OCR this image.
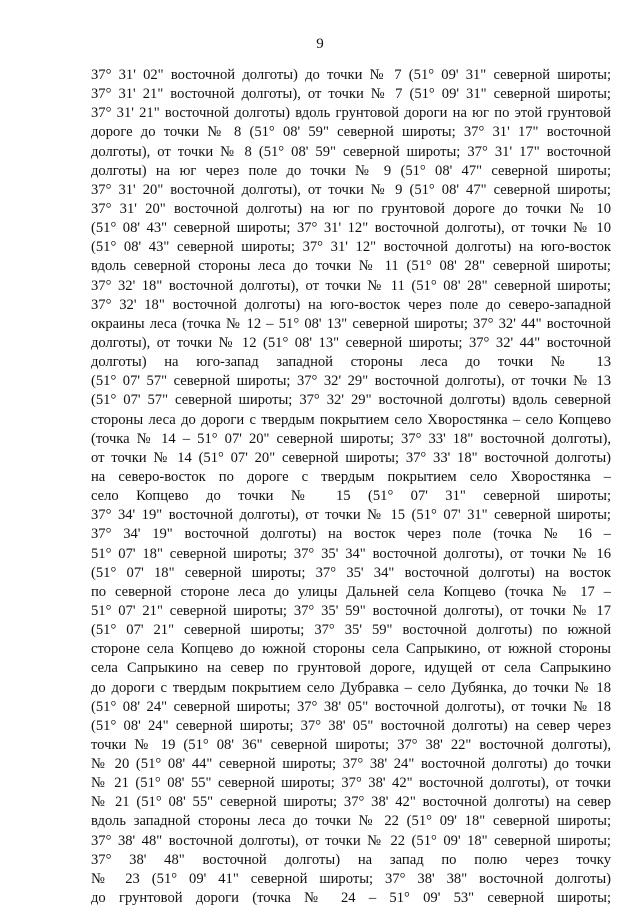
9
37° 31' 02" восточной долготы) до точки № 7 (51° 09' 31" северной широты;
37° 31' 21" восточной долготы), от точки № 7 (51° 09' 31" северной широты;
37° 31' 21" восточной долготы) вдоль грунтовой дороги на юг по этой грунтовой
дороге до точки № 8 (51° 08' 59" северной широты; 37° 31' 17" восточной
долготы), от точки № 8 (51° 08' 59" северной широты; 37° 31' 17" восточной
долготы) на юг через поле до точки № 9 (51° 08' 47" северной широты;
37° 31' 20" восточной долготы), от точки № 9 (51° 08' 47" северной широты;
37° 31' 20" восточной долготы) на юг по грунтовой дороге до точки № 10
(51° 08' 43" северной широты; 37° 31' 12" восточной долготы), от точки № 10
(51° 08' 43" северной широты; 37° 31' 12" восточной долготы) на юго-восток
вдоль северной стороны леса до точки № 11 (51° 08' 28" северной широты;
37° 32' 18" восточной долготы), от точки № 11 (51° 08' 28" северной широты;
37° 32' 18" восточной долготы) на юго-восток через поле до северо-западной
окраины леса (точка № 12 – 51° 08' 13" северной широты; 37° 32' 44" восточной
долготы), от точки № 12 (51° 08' 13" северной широты; 37° 32' 44" восточной
долготы) на юго-запад западной стороны леса до точки № 13
(51° 07' 57" северной широты; 37° 32' 29" восточной долготы), от точки № 13
(51° 07' 57" северной широты; 37° 32' 29" восточной долготы) вдоль северной
стороны леса до дороги с твердым покрытием село Хворостянка – село Копцево
(точка № 14 – 51° 07' 20" северной широты; 37° 33' 18" восточной долготы),
от точки № 14 (51° 07' 20" северной широты; 37° 33' 18" восточной долготы)
на северо-восток по дороге с твердым покрытием село Хворостянка –
село Копцево до точки № 15 (51° 07' 31" северной широты;
37° 34' 19" восточной долготы), от точки № 15 (51° 07' 31" северной широты;
37° 34' 19" восточной долготы) на восток через поле (точка № 16 –
51° 07' 18" северной широты; 37° 35' 34" восточной долготы), от точки № 16
(51° 07' 18" северной широты; 37° 35' 34" восточной долготы) на восток
по северной стороне леса до улицы Дальней села Копцево (точка № 17 –
51° 07' 21" северной широты; 37° 35' 59" восточной долготы), от точки № 17
(51° 07' 21" северной широты; 37° 35' 59" восточной долготы) по южной
стороне села Копцево до южной стороны села Сапрыкино, от южной стороны
села Сапрыкино на север по грунтовой дороге, идущей от села Сапрыкино
до дороги с твердым покрытием село Дубравка – село Дубянка, до точки № 18
(51° 08' 24" северной широты; 37° 38' 05" восточной долготы), от точки № 18
(51° 08' 24" северной широты; 37° 38' 05" восточной долготы) на север через
точки № 19 (51° 08' 36" северной широты; 37° 38' 22" восточной долготы),
№ 20 (51° 08' 44" северной широты; 37° 38' 24" восточной долготы) до точки
№ 21 (51° 08' 55" северной широты; 37° 38' 42" восточной долготы), от точки
№ 21 (51° 08' 55" северной широты; 37° 38' 42" восточной долготы) на север
вдоль западной стороны леса до точки № 22 (51° 09' 18" северной широты;
37° 38' 48" восточной долготы), от точки № 22 (51° 09' 18" северной широты;
37° 38' 48" восточной долготы) на запад по полю через точку
№ 23 (51° 09' 41" северной широты; 37° 38' 38" восточной долготы)
до грунтовой дороги (точка № 24 – 51° 09' 53" северной широты;
